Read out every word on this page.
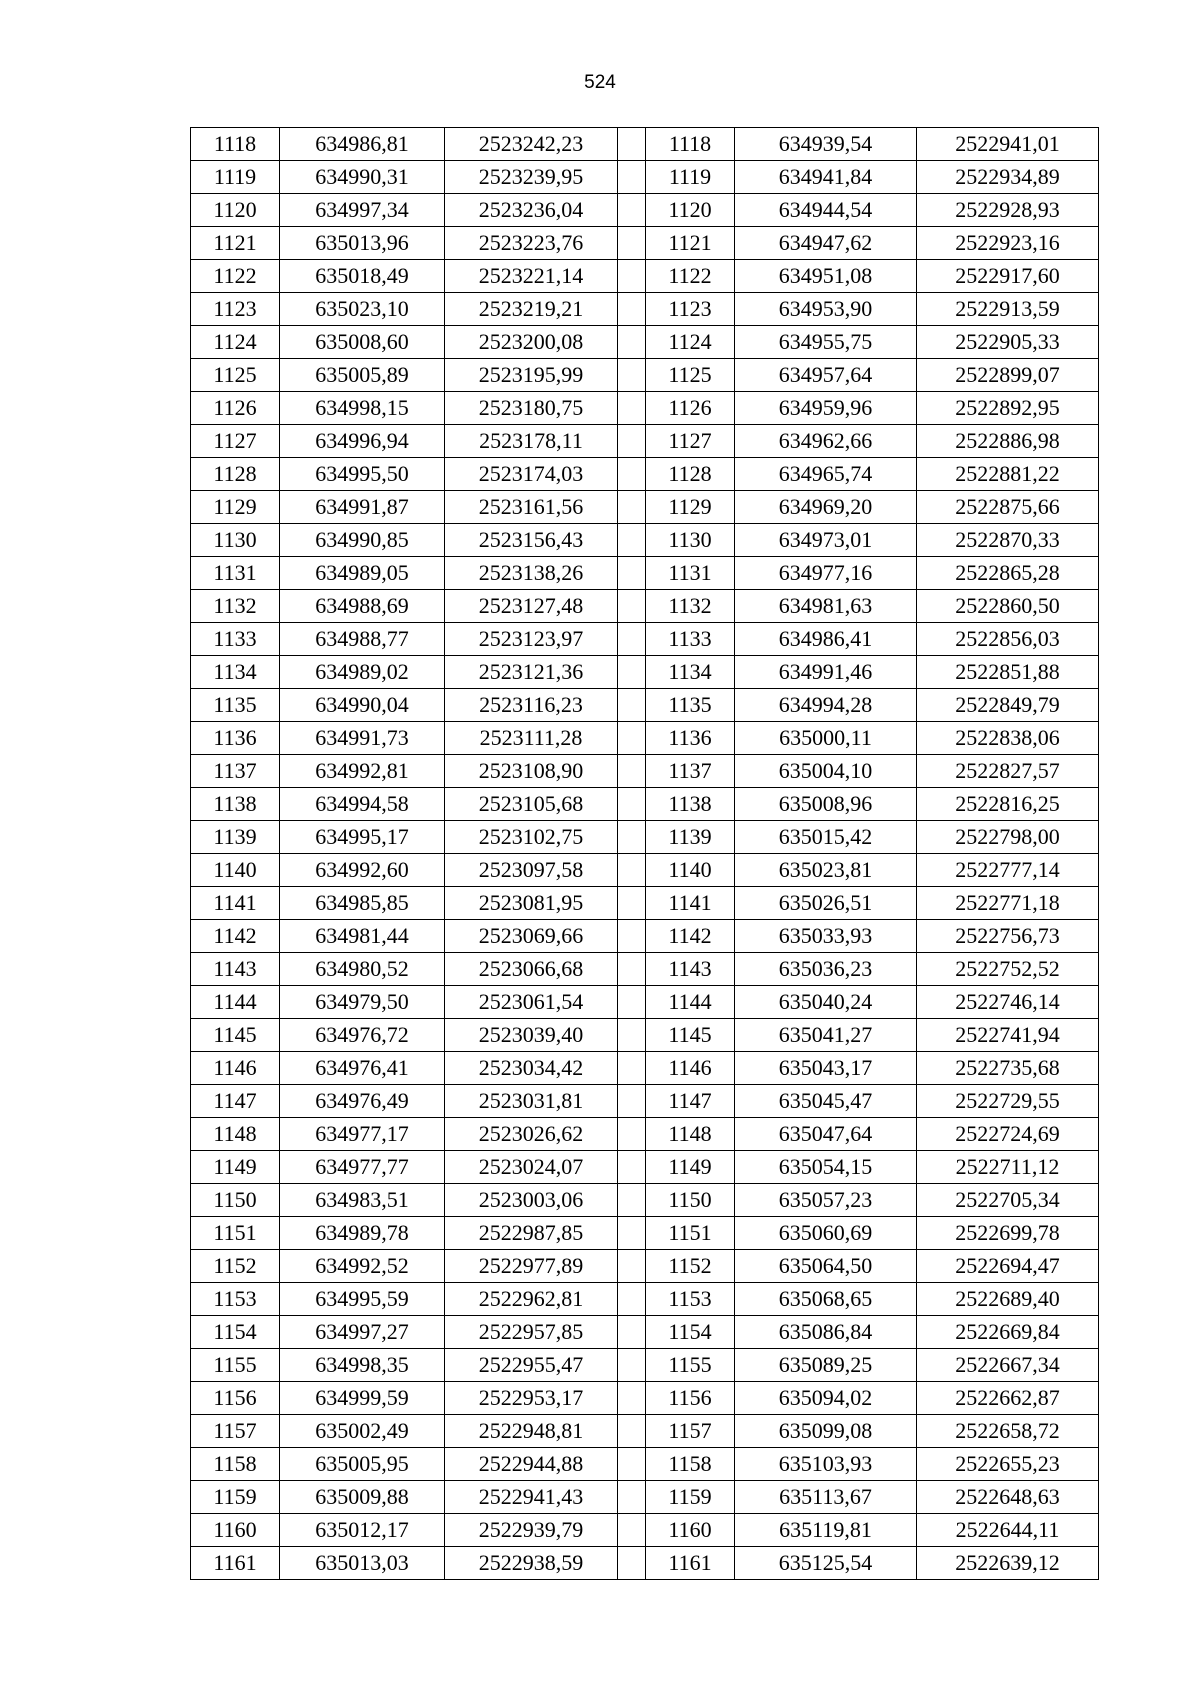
524
1118	634986,81	2523242,23		1118	634939,54	2522941,01
1119	634990,31	2523239,95		1119	634941,84	2522934,89
1120	634997,34	2523236,04		1120	634944,54	2522928,93
1121	635013,96	2523223,76		1121	634947,62	2522923,16
1122	635018,49	2523221,14		1122	634951,08	2522917,60
1123	635023,10	2523219,21		1123	634953,90	2522913,59
1124	635008,60	2523200,08		1124	634955,75	2522905,33
1125	635005,89	2523195,99		1125	634957,64	2522899,07
1126	634998,15	2523180,75		1126	634959,96	2522892,95
1127	634996,94	2523178,11		1127	634962,66	2522886,98
1128	634995,50	2523174,03		1128	634965,74	2522881,22
1129	634991,87	2523161,56		1129	634969,20	2522875,66
1130	634990,85	2523156,43		1130	634973,01	2522870,33
1131	634989,05	2523138,26		1131	634977,16	2522865,28
1132	634988,69	2523127,48		1132	634981,63	2522860,50
1133	634988,77	2523123,97		1133	634986,41	2522856,03
1134	634989,02	2523121,36		1134	634991,46	2522851,88
1135	634990,04	2523116,23		1135	634994,28	2522849,79
1136	634991,73	2523111,28		1136	635000,11	2522838,06
1137	634992,81	2523108,90		1137	635004,10	2522827,57
1138	634994,58	2523105,68		1138	635008,96	2522816,25
1139	634995,17	2523102,75		1139	635015,42	2522798,00
1140	634992,60	2523097,58		1140	635023,81	2522777,14
1141	634985,85	2523081,95		1141	635026,51	2522771,18
1142	634981,44	2523069,66		1142	635033,93	2522756,73
1143	634980,52	2523066,68		1143	635036,23	2522752,52
1144	634979,50	2523061,54		1144	635040,24	2522746,14
1145	634976,72	2523039,40		1145	635041,27	2522741,94
1146	634976,41	2523034,42		1146	635043,17	2522735,68
1147	634976,49	2523031,81		1147	635045,47	2522729,55
1148	634977,17	2523026,62		1148	635047,64	2522724,69
1149	634977,77	2523024,07		1149	635054,15	2522711,12
1150	634983,51	2523003,06		1150	635057,23	2522705,34
1151	634989,78	2522987,85		1151	635060,69	2522699,78
1152	634992,52	2522977,89		1152	635064,50	2522694,47
1153	634995,59	2522962,81		1153	635068,65	2522689,40
1154	634997,27	2522957,85		1154	635086,84	2522669,84
1155	634998,35	2522955,47		1155	635089,25	2522667,34
1156	634999,59	2522953,17		1156	635094,02	2522662,87
1157	635002,49	2522948,81		1157	635099,08	2522658,72
1158	635005,95	2522944,88		1158	635103,93	2522655,23
1159	635009,88	2522941,43		1159	635113,67	2522648,63
1160	635012,17	2522939,79		1160	635119,81	2522644,11
1161	635013,03	2522938,59		1161	635125,54	2522639,12
